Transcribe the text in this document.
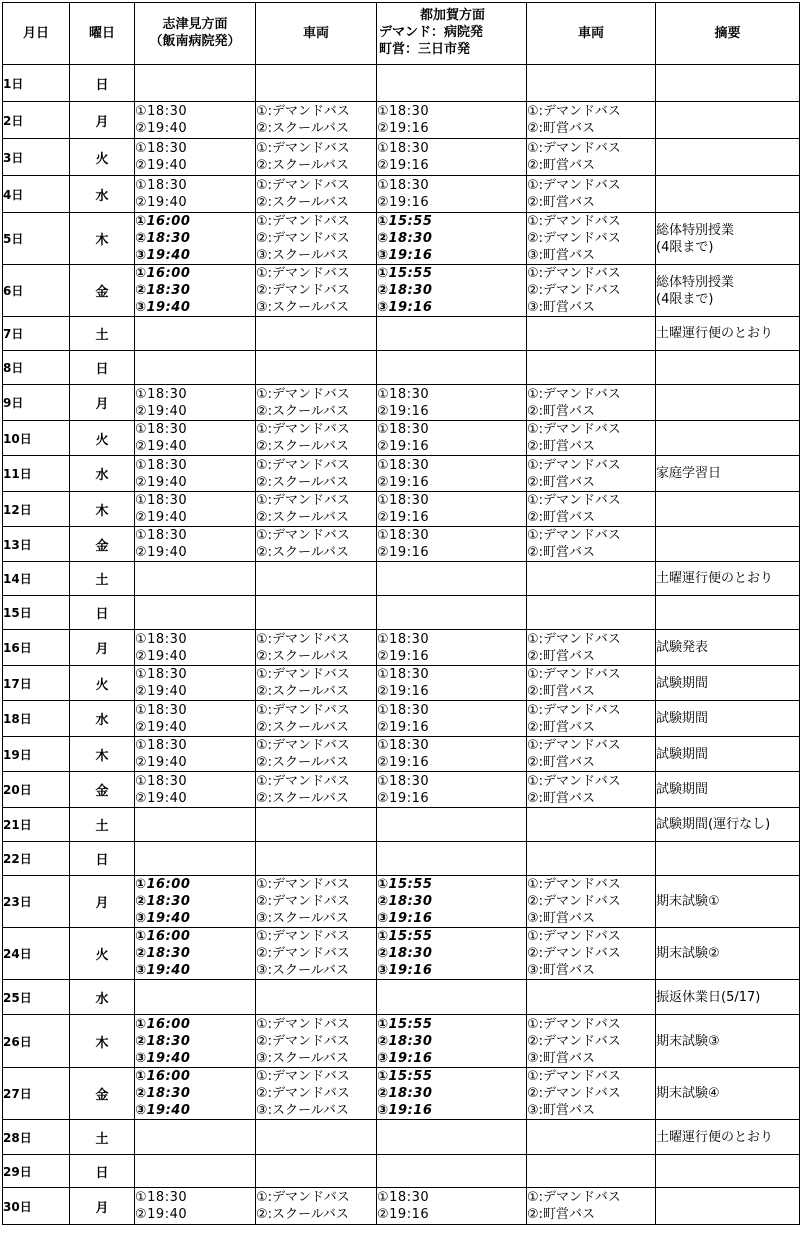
月日	曜日	志津見方面
（飯南病院発）	車両	都加賀方面
デマンド：病院発
町営：三日市発	車両	摘要
1日	日					
2日	月	①18:30
②19:40	①:デマンドバス
②:スクールバス	①18:30
②19:16	①:デマンドバス
②:町営バス	

3日	火	①18:30
②19:40	①:デマンドバス
②:スクールバス	①18:30
②19:16	①:デマンドバス
②:町営バス	

4日	水	①18:30
②19:40	①:デマンドバス
②:スクールバス	①18:30
②19:16	①:デマンドバス
②:町営バス	

5日	木	①16:00
②18:30
③19:40	①:デマンドバス
②:デマンドバス
③:スクールバス	①15:55
②18:30
③19:16	①:デマンドバス
②:デマンドバス
③:町営バス	総体特別授業
(4限まで)

6日	金	①16:00
②18:30
③19:40	①:デマンドバス
②:デマンドバス
③:スクールバス	①15:55
②18:30
③19:16	①:デマンドバス
②:デマンドバス
③:町営バス	総体特別授業
(4限まで)

7日	土					土曜運行便のとおり

8日	日					
9日	月	①18:30
②19:40	①:デマンドバス
②:スクールバス	①18:30
②19:16	①:デマンドバス
②:町営バス	

10日	火	①18:30
②19:40	①:デマンドバス
②:スクールバス	①18:30
②19:16	①:デマンドバス
②:町営バス	

11日	水	①18:30
②19:40	①:デマンドバス
②:スクールバス	①18:30
②19:16	①:デマンドバス
②:町営バス	家庭学習日

12日	木	①18:30
②19:40	①:デマンドバス
②:スクールバス	①18:30
②19:16	①:デマンドバス
②:町営バス	

13日	金	①18:30
②19:40	①:デマンドバス
②:スクールバス	①18:30
②19:16	①:デマンドバス
②:町営バス	

14日	土					土曜運行便のとおり

15日	日					
16日	月	①18:30
②19:40	①:デマンドバス
②:スクールバス	①18:30
②19:16	①:デマンドバス
②:町営バス	試験発表

17日	火	①18:30
②19:40	①:デマンドバス
②:スクールバス	①18:30
②19:16	①:デマンドバス
②:町営バス	試験期間

18日	水	①18:30
②19:40	①:デマンドバス
②:スクールバス	①18:30
②19:16	①:デマンドバス
②:町営バス	試験期間

19日	木	①18:30
②19:40	①:デマンドバス
②:スクールバス	①18:30
②19:16	①:デマンドバス
②:町営バス	試験期間

20日	金	①18:30
②19:40	①:デマンドバス
②:スクールバス	①18:30
②19:16	①:デマンドバス
②:町営バス	試験期間

21日	土					試験期間(運行なし)

22日	日					
23日	月	①16:00
②18:30
③19:40	①:デマンドバス
②:デマンドバス
③:スクールバス	①15:55
②18:30
③19:16	①:デマンドバス
②:デマンドバス
③:町営バス	期末試験①

24日	火	①16:00
②18:30
③19:40	①:デマンドバス
②:デマンドバス
③:スクールバス	①15:55
②18:30
③19:16	①:デマンドバス
②:デマンドバス
③:町営バス	期末試験②

25日	水					振返休業日(5/17)

26日	木	①16:00
②18:30
③19:40	①:デマンドバス
②:デマンドバス
③:スクールバス	①15:55
②18:30
③19:16	①:デマンドバス
②:デマンドバス
③:町営バス	期末試験③

27日	金	①16:00
②18:30
③19:40	①:デマンドバス
②:デマンドバス
③:スクールバス	①15:55
②18:30
③19:16	①:デマンドバス
②:デマンドバス
③:町営バス	期末試験④

28日	土					土曜運行便のとおり

29日	日					
30日	月	①18:30
②19:40	①:デマンドバス
②:スクールバス	①18:30
②19:16	①:デマンドバス
②:町営バス	
